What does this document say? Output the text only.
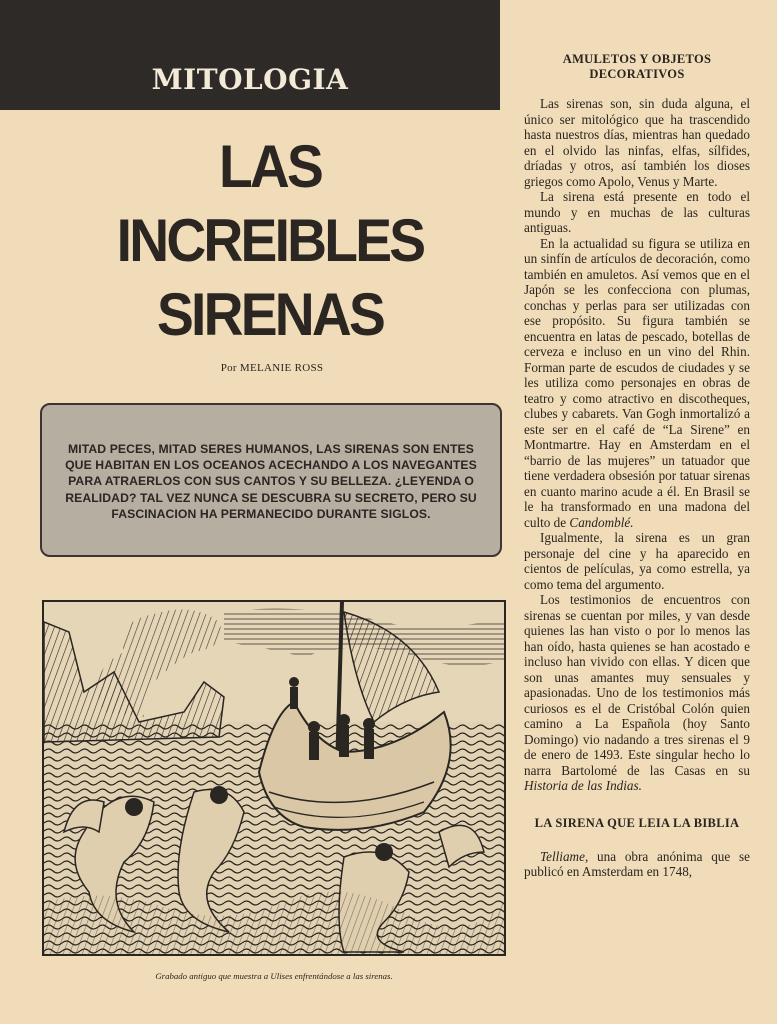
MITOLOGIA
LAS
INCREIBLES
SIRENAS
Por MELANIE ROSS
MITAD PECES, MITAD SERES HUMANOS, LAS SIRENAS SON ENTES QUE HABITAN EN LOS OCEANOS ACECHANDO A LOS NAVEGANTES PARA ATRAERLOS CON SUS CANTOS Y SU BELLEZA. ¿LEYENDA O REALIDAD? TAL VEZ NUNCA SE DESCUBRA SU SECRETO, PERO SU FASCINACION HA PERMANECIDO DURANTE SIGLOS.
Grabado antiguo que muestra a Ulises enfrentándose a las sirenas.
AMULETOS Y OBJETOS DECORATIVOS

Las sirenas son, sin duda alguna, el único ser mitológico que ha trascendido hasta nuestros días, mientras han quedado en el olvido las ninfas, elfas, sílfides, dríadas y otros, así también los dioses griegos como Apolo, Venus y Marte.

La sirena está presente en todo el mundo y en muchas de las culturas antiguas.

En la actualidad su figura se utiliza en un sinfín de artículos de decoración, como también en amuletos. Así vemos que en el Japón se les confecciona con plumas, conchas y perlas para ser utilizadas con ese propósito. Su figura también se encuentra en latas de pescado, botellas de cerveza e incluso en un vino del Rhin. Forman parte de escudos de ciudades y se les utiliza como personajes en obras de teatro y como atractivo en discotheques, clubes y cabarets. Van Gogh inmortalizó a este ser en el café de “La Sirene” en Montmartre. Hay en Amsterdam en el “barrio de las mujeres” un tatuador que tiene verdadera obsesión por tatuar sirenas en cuanto marino acude a él. En Brasil se le ha transformado en una madona del culto de Candomblé.

Igualmente, la sirena es un gran personaje del cine y ha aparecido en cientos de películas, ya como estrella, ya como tema del argumento.

Los testimonios de encuentros con sirenas se cuentan por miles, y van desde quienes las han visto o por lo menos las han oído, hasta quienes se han acostado e incluso han vivido con ellas. Y dicen que son unas amantes muy sensuales y apasionadas. Uno de los testimonios más curiosos es el de Cristóbal Colón quien camino a La Española (hoy Santo Domingo) vio nadando a tres sirenas el 9 de enero de 1493. Este singular hecho lo narra Bartolomé de las Casas en su Historia de las Indias.

LA SIRENA QUE LEIA LA BIBLIA

Telliame, una obra anónima que se publicó en Amsterdam en 1748,
